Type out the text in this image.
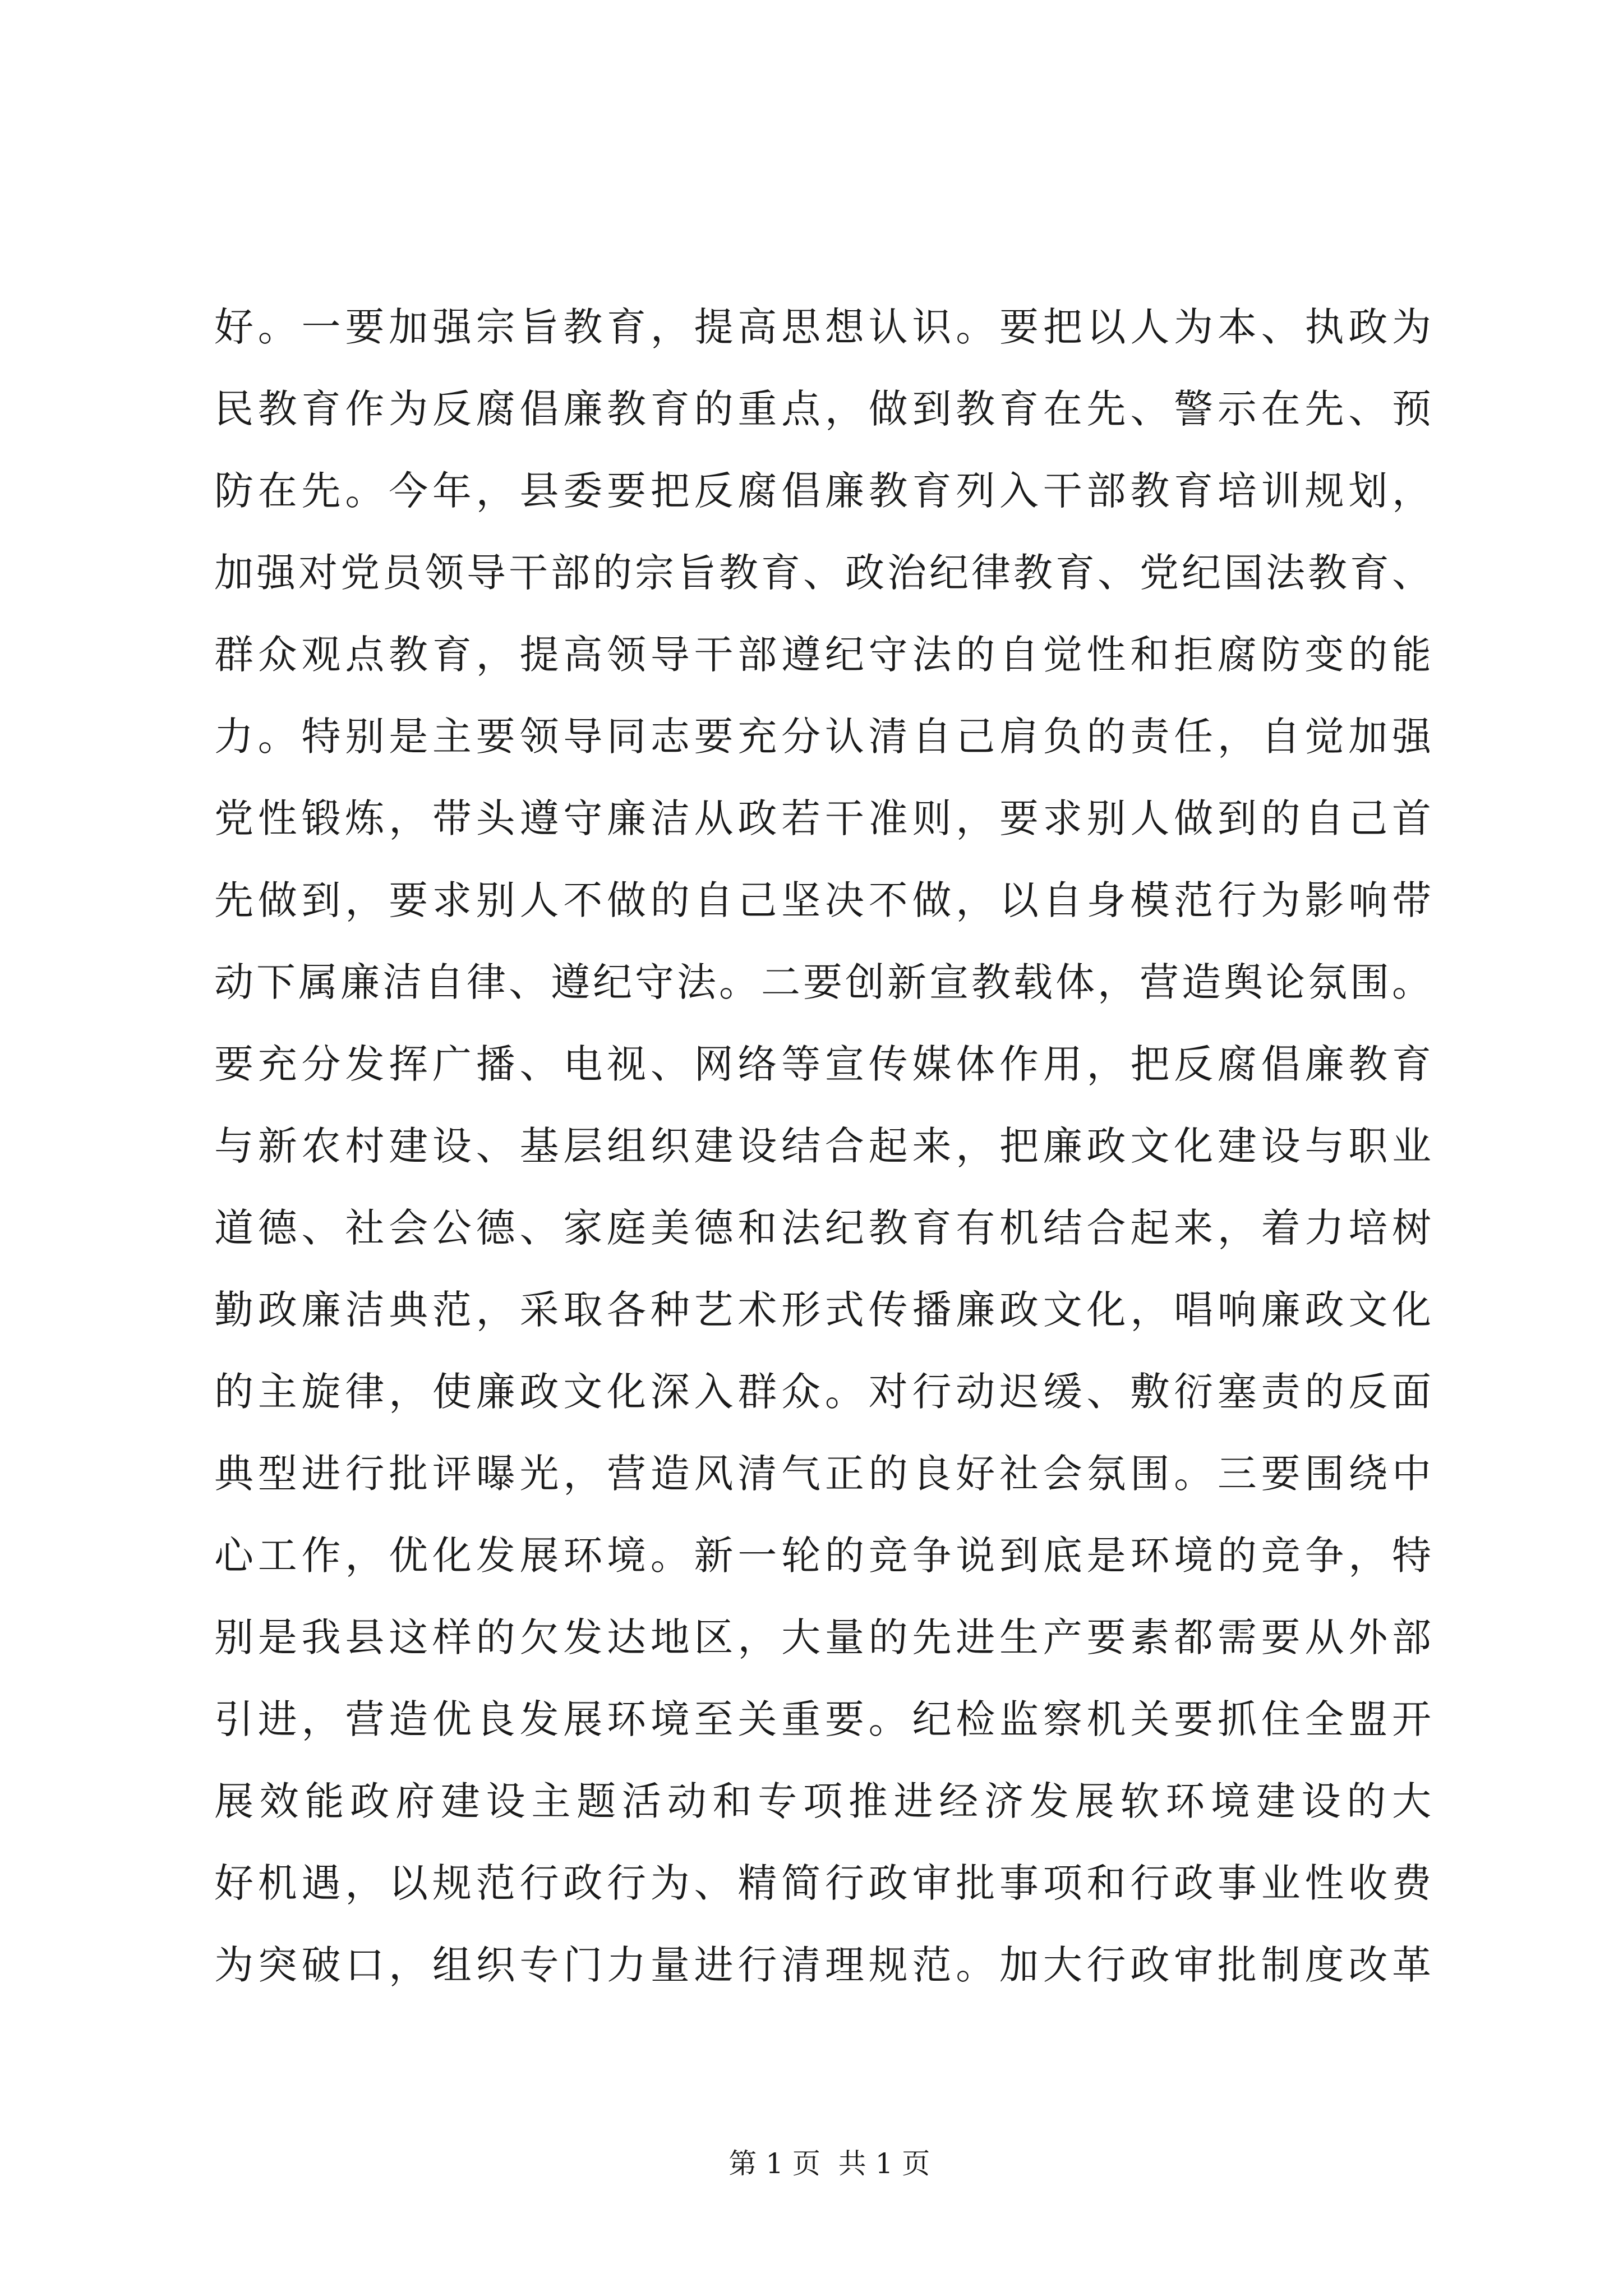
好。一要加强宗旨教育，提高思想认识。要把以人为本、执政为
民教育作为反腐倡廉教育的重点，做到教育在先、警示在先、预
防在先。今年，县委要把反腐倡廉教育列入干部教育培训规划，
加强对党员领导干部的宗旨教育、政治纪律教育、党纪国法教育、
群众观点教育，提高领导干部遵纪守法的自觉性和拒腐防变的能
力。特别是主要领导同志要充分认清自己肩负的责任，自觉加强
党性锻炼，带头遵守廉洁从政若干准则，要求别人做到的自己首
先做到，要求别人不做的自己坚决不做，以自身模范行为影响带
动下属廉洁自律、遵纪守法。二要创新宣教载体，营造舆论氛围。
要充分发挥广播、电视、网络等宣传媒体作用，把反腐倡廉教育
与新农村建设、基层组织建设结合起来，把廉政文化建设与职业
道德、社会公德、家庭美德和法纪教育有机结合起来，着力培树
勤政廉洁典范，采取各种艺术形式传播廉政文化，唱响廉政文化
的主旋律，使廉政文化深入群众。对行动迟缓、敷衍塞责的反面
典型进行批评曝光，营造风清气正的良好社会氛围。三要围绕中
心工作，优化发展环境。新一轮的竞争说到底是环境的竞争，特
别是我县这样的欠发达地区，大量的先进生产要素都需要从外部
引进，营造优良发展环境至关重要。纪检监察机关要抓住全盟开
展效能政府建设主题活动和专项推进经济发展软环境建设的大
好机遇，以规范行政行为、精简行政审批事项和行政事业性收费
为突破口，组织专门力量进行清理规范。加大行政审批制度改革

第 1 页  共 1 页
